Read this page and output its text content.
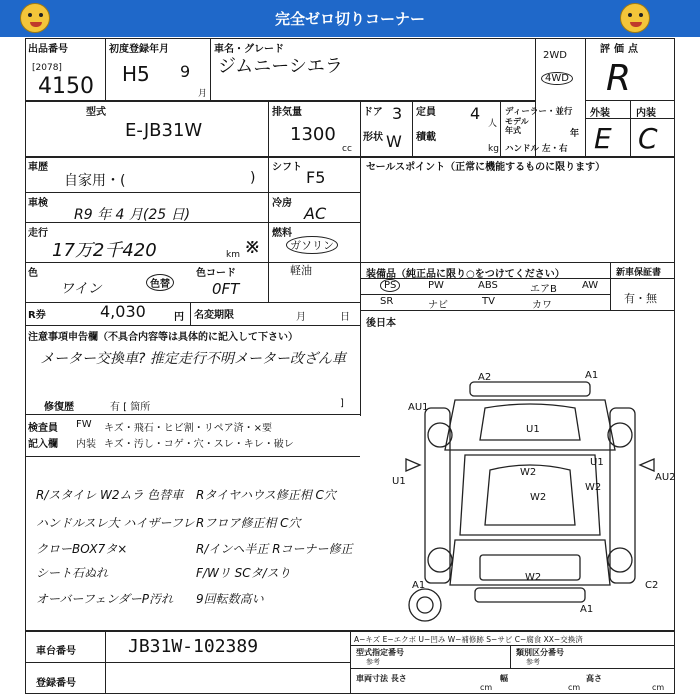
完全ゼロ切りコーナー
出品番号
[2078]
4150
初度登録年月
H5 9
月
車名・グレード
ジムニーシエラ
2WD
4WD
評価点
R
外装	内装
E C
型式
E-JB31W
排気量
1300
cc
ドア 3
形状 W
定員 4
人
積載
kg
ディーラー・並行
モデル年式	年
ハンドル 左・右
車歴
自家用・(	)
シフト
F5
セールスポイント（正常に機能するものに限ります）
車検
R9 年 4 月(25 日)
冷房
AC
走行
17万2千420	km ※
燃料
ガソリン
軽油
色
ワイン	色替
色コード
0FT
装備品（純正品に限り○をつけてください）	新車保証書
有・無
PS	PW	ABS	エアB	AW
SR	ナビ	TV	カワ
後日本
R券	4,030	円 名変期限	月	日
注意事項申告欄（不具合内容等は具体的に記入して下さい）
メーター交換車? 推定走行不明メーター改ざん車
修復歴	有 [ 箇所	]
検査員
記入欄
FW キズ・飛石・ヒビ割・リペア済・×要
内装 キズ・汚し・コゲ・穴・スレ・キレ・破レ
R/スタイレ W2ムラ 色替車
ハンドルスレ大 ハイザーフレ
クローBOX7タ×
シート石ぬれ
オーバーフェンダーP汚れ
Rタイヤハウス修正相 C穴
Rフロア修正相 C穴
R/インヘ半正 Rコーナー修正
F/Wリ SCタ/スり
9回転数高い
A2	A1
AU1
U1
U1
W2
W2
W2
U1
AU2
W2
A1	C2
A1
車台番号	JB31W-102389
登録番号
A−キズ E−エクボ U−凹み W−補修跡 S−サビ C−腐食 XX−交換済
型式指定番号
参考
類別区分番号
参考
車両寸法 長さ
cm
幅
cm
高さ
cm
